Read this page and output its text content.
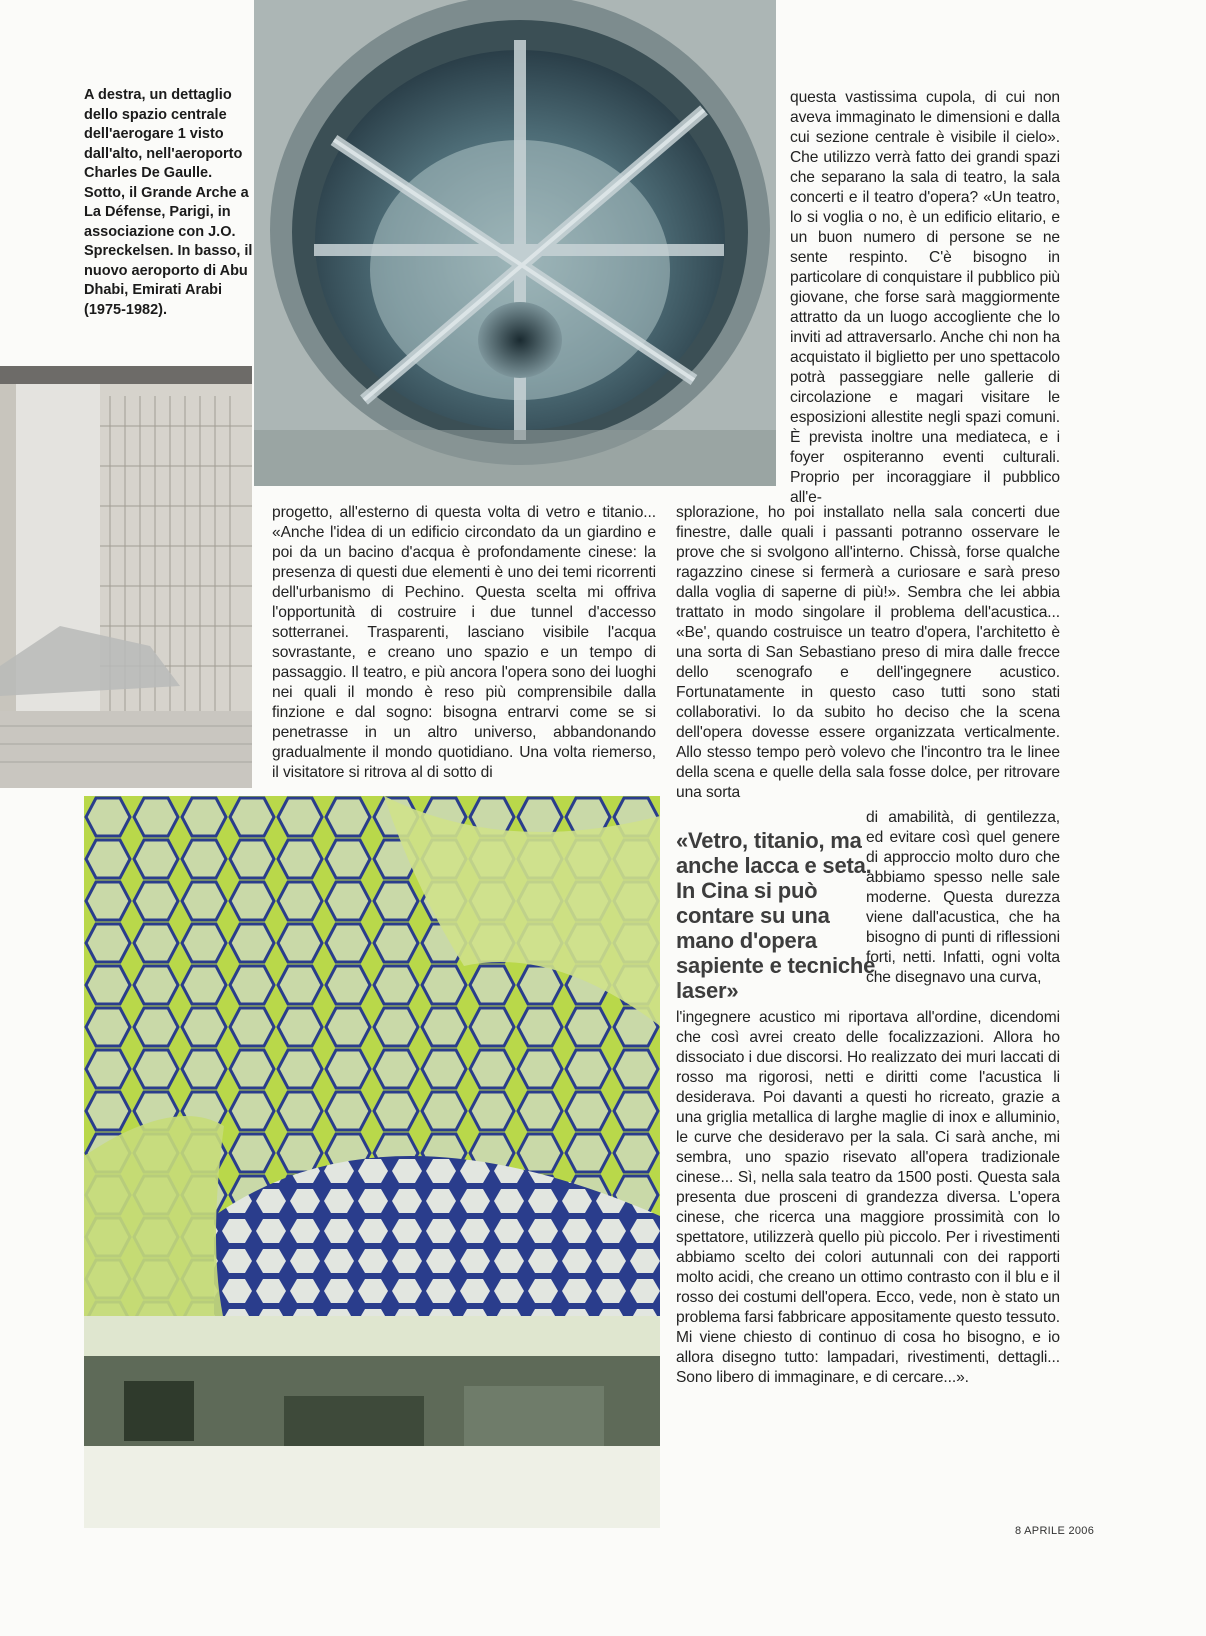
A destra, un dettaglio dello spazio centrale dell'aerogare 1 visto dall'alto, nell'aeroporto Charles De Gaulle. Sotto, il Grande Arche a La Défense, Parigi, in associazione con J.O. Spreckelsen. In basso, il nuovo aeroporto di Abu Dhabi, Emirati Arabi (1975-1982).

questa vastissima cupola, di cui non aveva immaginato le dimensioni e dalla cui sezione centrale è visibile il cielo». Che utilizzo verrà fatto dei grandi spazi che separano la sala di teatro, la sala concerti e il teatro d'opera? «Un teatro, lo si voglia o no, è un edificio elitario, e un buon numero di persone se ne sente respinto. C'è bisogno in particolare di conquistare il pubblico più giovane, che forse sarà maggiormente attratto da un luogo accogliente che lo inviti ad attraversarlo. Anche chi non ha acquistato il biglietto per uno spettacolo potrà passeggiare nelle gallerie di circolazione e magari visitare le esposizioni allestite negli spazi comuni. È prevista inoltre una mediateca, e i foyer ospiteranno eventi culturali. Proprio per incoraggiare il pubblico all'e-

progetto, all'esterno di questa volta di vetro e titanio... «Anche l'idea di un edificio circondato da un giardino e poi da un bacino d'acqua è profondamente cinese: la presenza di questi due elementi è uno dei temi ricorrenti dell'urbanismo di Pechino. Questa scelta mi offriva l'opportunità di costruire i due tunnel d'accesso sotterranei. Trasparenti, lasciano visibile l'acqua sovrastante, e creano uno spazio e un tempo di passaggio. Il teatro, e più ancora l'opera sono dei luoghi nei quali il mondo è reso più comprensibile dalla finzione e dal sogno: bisogna entrarvi come se si penetrasse in un altro universo, abbandonando gradualmente il mondo quotidiano. Una volta riemerso, il visitatore si ritrova al di sotto di

splorazione, ho poi installato nella sala concerti due finestre, dalle quali i passanti potranno osservare le prove che si svolgono all'interno. Chissà, forse qualche ragazzino cinese si fermerà a curiosare e sarà preso dalla voglia di saperne di più!». Sembra che lei abbia trattato in modo singolare il problema dell'acustica... «Be', quando costruisce un teatro d'opera, l'architetto è una sorta di San Sebastiano preso di mira dalle frecce dello scenografo e dell'ingegnere acustico. Fortunatamente in questo caso tutti sono stati collaborativi. Io da subito ho deciso che la scena dell'opera dovesse essere organizzata verticalmente. Allo stesso tempo però volevo che l'incontro tra le linee della scena e quelle della sala fosse dolce, per ritrovare una sorta

«Vetro, titanio, ma anche lacca e seta. In Cina si può contare su una mano d'opera sapiente e tecniche laser»

di amabilità, di gentilezza, ed evitare così quel genere di approccio molto duro che abbiamo spesso nelle sale moderne. Questa durezza viene dall'acustica, che ha bisogno di punti di riflessioni forti, netti. Infatti, ogni volta che disegnavo una curva,

l'ingegnere acustico mi riportava all'ordine, dicendomi che così avrei creato delle focalizzazioni. Allora ho dissociato i due discorsi. Ho realizzato dei muri laccati di rosso ma rigorosi, netti e diritti come l'acustica li desiderava. Poi davanti a questi ho ricreato, grazie a una griglia metallica di larghe maglie di inox e alluminio, le curve che desideravo per la sala. Ci sarà anche, mi sembra, uno spazio risevato all'opera tradizionale cinese... Sì, nella sala teatro da 1500 posti. Questa sala presenta due prosceni di grandezza diversa. L'opera cinese, che ricerca una maggiore prossimità con lo spettatore, utilizzerà quello più piccolo. Per i rivestimenti abbiamo scelto dei colori autunnali con dei rapporti molto acidi, che creano un ottimo contrasto con il blu e il rosso dei costumi dell'opera. Ecco, vede, non è stato un problema farsi fabbricare appositamente questo tessuto. Mi viene chiesto di continuo di cosa ho bisogno, e io allora disegno tutto: lampadari, rivestimenti, dettagli... Sono libero di immaginare, e di cercare...».

8 APRILE 2006
